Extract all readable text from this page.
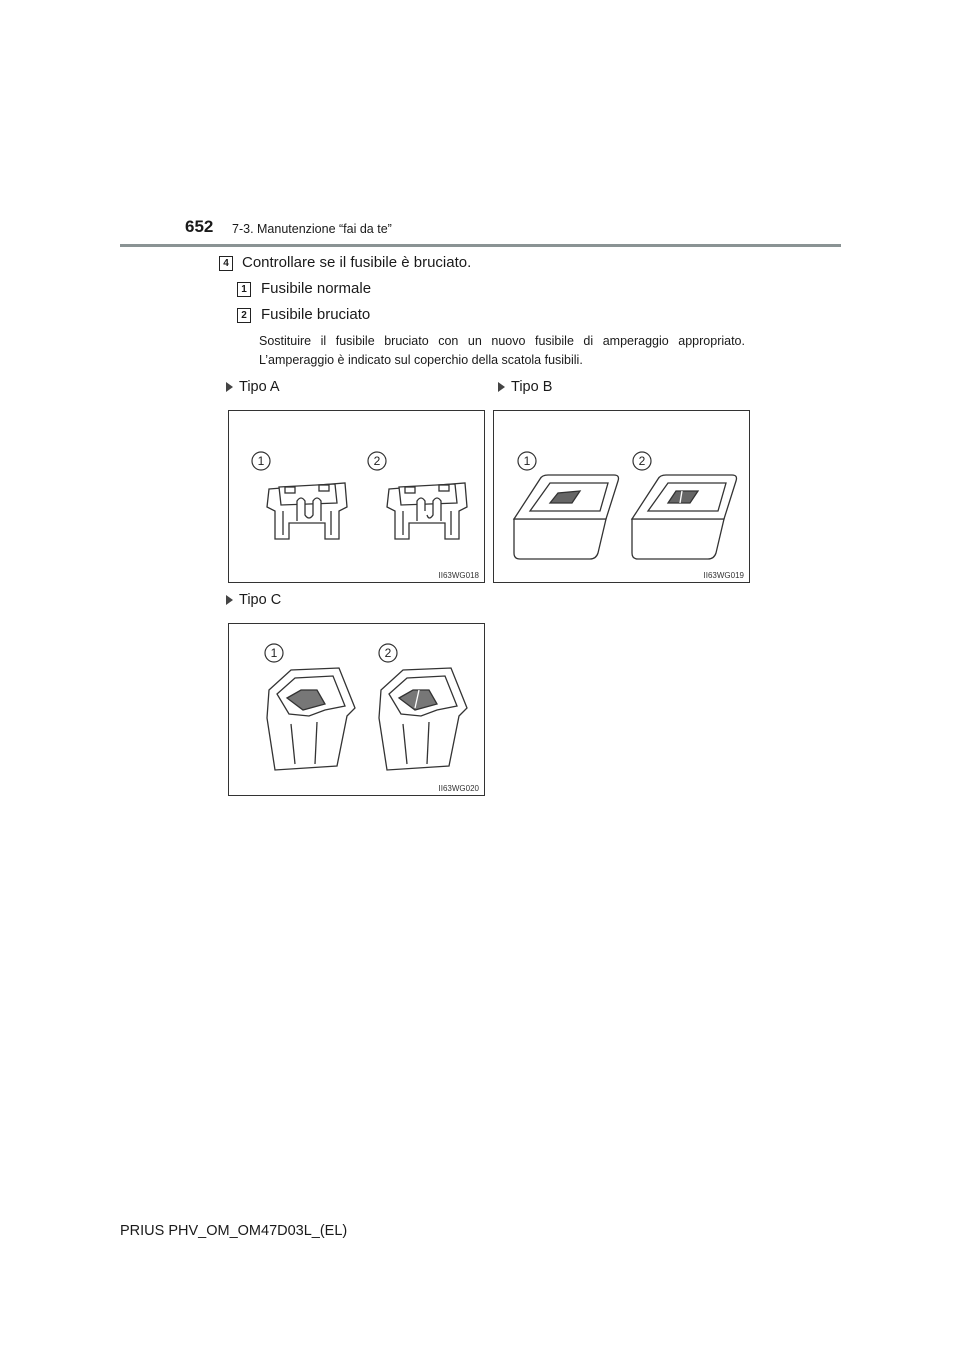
652 7-3. Manutenzione “fai da te”
4 Controllare se il fusibile è bruciato.
1 Fusibile normale
2 Fusibile bruciato
Sostituire il fusibile bruciato con un nuovo fusibile di amperaggio appropriato.
L’amperaggio è indicato sul coperchio della scatola fusibili.
Tipo A
1	2
II63WG018
Tipo B
1	2
II63WG019
Tipo C
1	2
II63WG020
PRIUS PHV_OM_OM47D03L_(EL)
